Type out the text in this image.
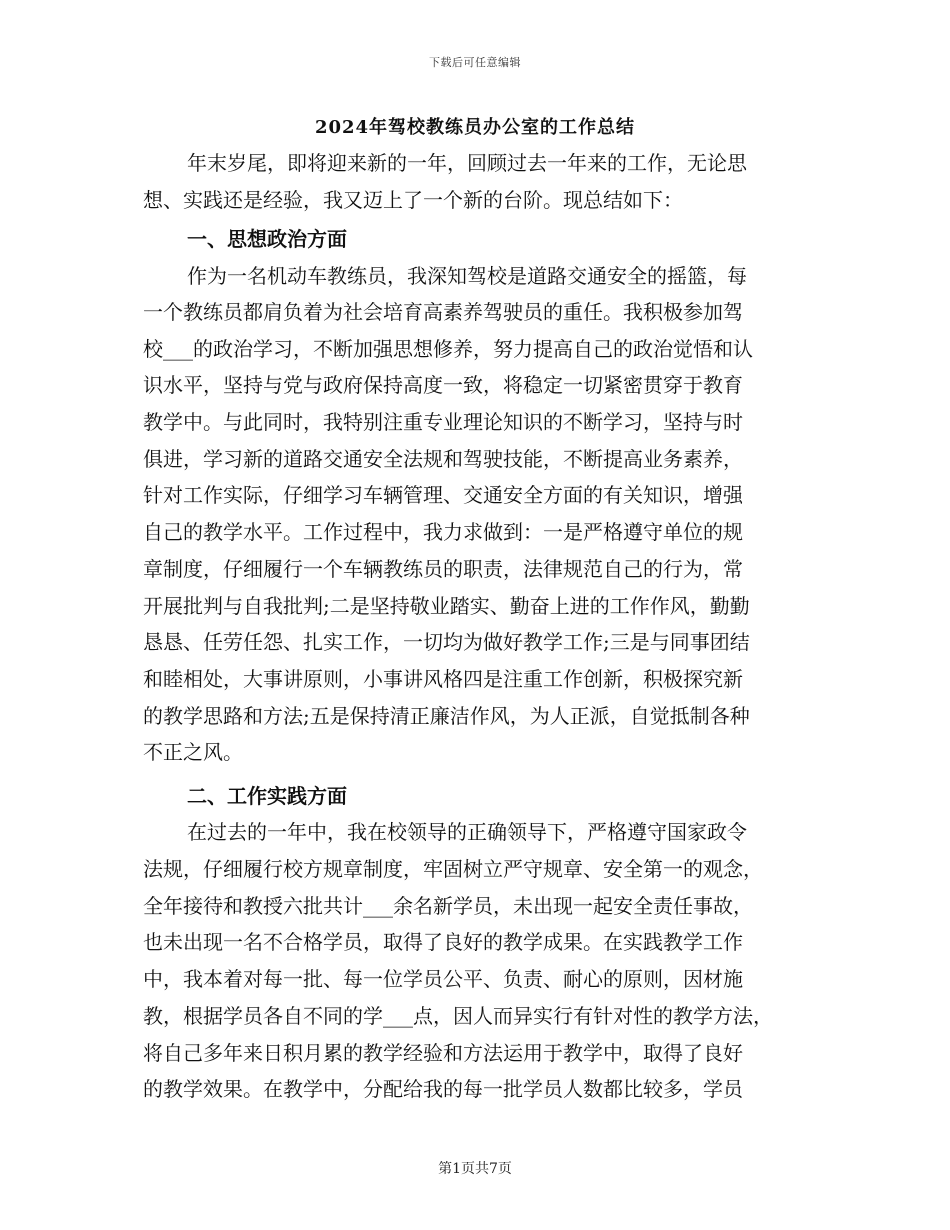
下载后可任意编辑
2024年驾校教练员办公室的工作总结

年末岁尾，即将迎来新的一年，回顾过去一年来的工作，无论思

想、实践还是经验，我又迈上了一个新的台阶。现总结如下：

一、思想政治方面

作为一名机动车教练员，我深知驾校是道路交通安全的摇篮，每

一个教练员都肩负着为社会培育高素养驾驶员的重任。我积极参加驾

校___的政治学习，不断加强思想修养，努力提高自己的政治觉悟和认

识水平，坚持与党与政府保持高度一致，将稳定一切紧密贯穿于教育

教学中。与此同时，我特别注重专业理论知识的不断学习，坚持与时

俱进，学习新的道路交通安全法规和驾驶技能，不断提高业务素养，

针对工作实际，仔细学习车辆管理、交通安全方面的有关知识，增强

自己的教学水平。工作过程中，我力求做到：一是严格遵守单位的规

章制度，仔细履行一个车辆教练员的职责，法律规范自己的行为，常

开展批判与自我批判;二是坚持敬业踏实、勤奋上进的工作作风，勤勤

恳恳、任劳任怨、扎实工作，一切均为做好教学工作;三是与同事团结

和睦相处，大事讲原则，小事讲风格四是注重工作创新，积极探究新

的教学思路和方法;五是保持清正廉洁作风，为人正派，自觉抵制各种

不正之风。

二、工作实践方面

在过去的一年中，我在校领导的正确领导下，严格遵守国家政令

法规，仔细履行校方规章制度，牢固树立严守规章、安全第一的观念，

全年接待和教授六批共计___余名新学员，未出现一起安全责任事故，

也未出现一名不合格学员，取得了良好的教学成果。在实践教学工作

中，我本着对每一批、每一位学员公平、负责、耐心的原则，因材施

教，根据学员各自不同的学___点，因人而异实行有针对性的教学方法，

将自己多年来日积月累的教学经验和方法运用于教学中，取得了良好

的教学效果。在教学中，分配给我的每一批学员人数都比较多，学员

第1页共7页
